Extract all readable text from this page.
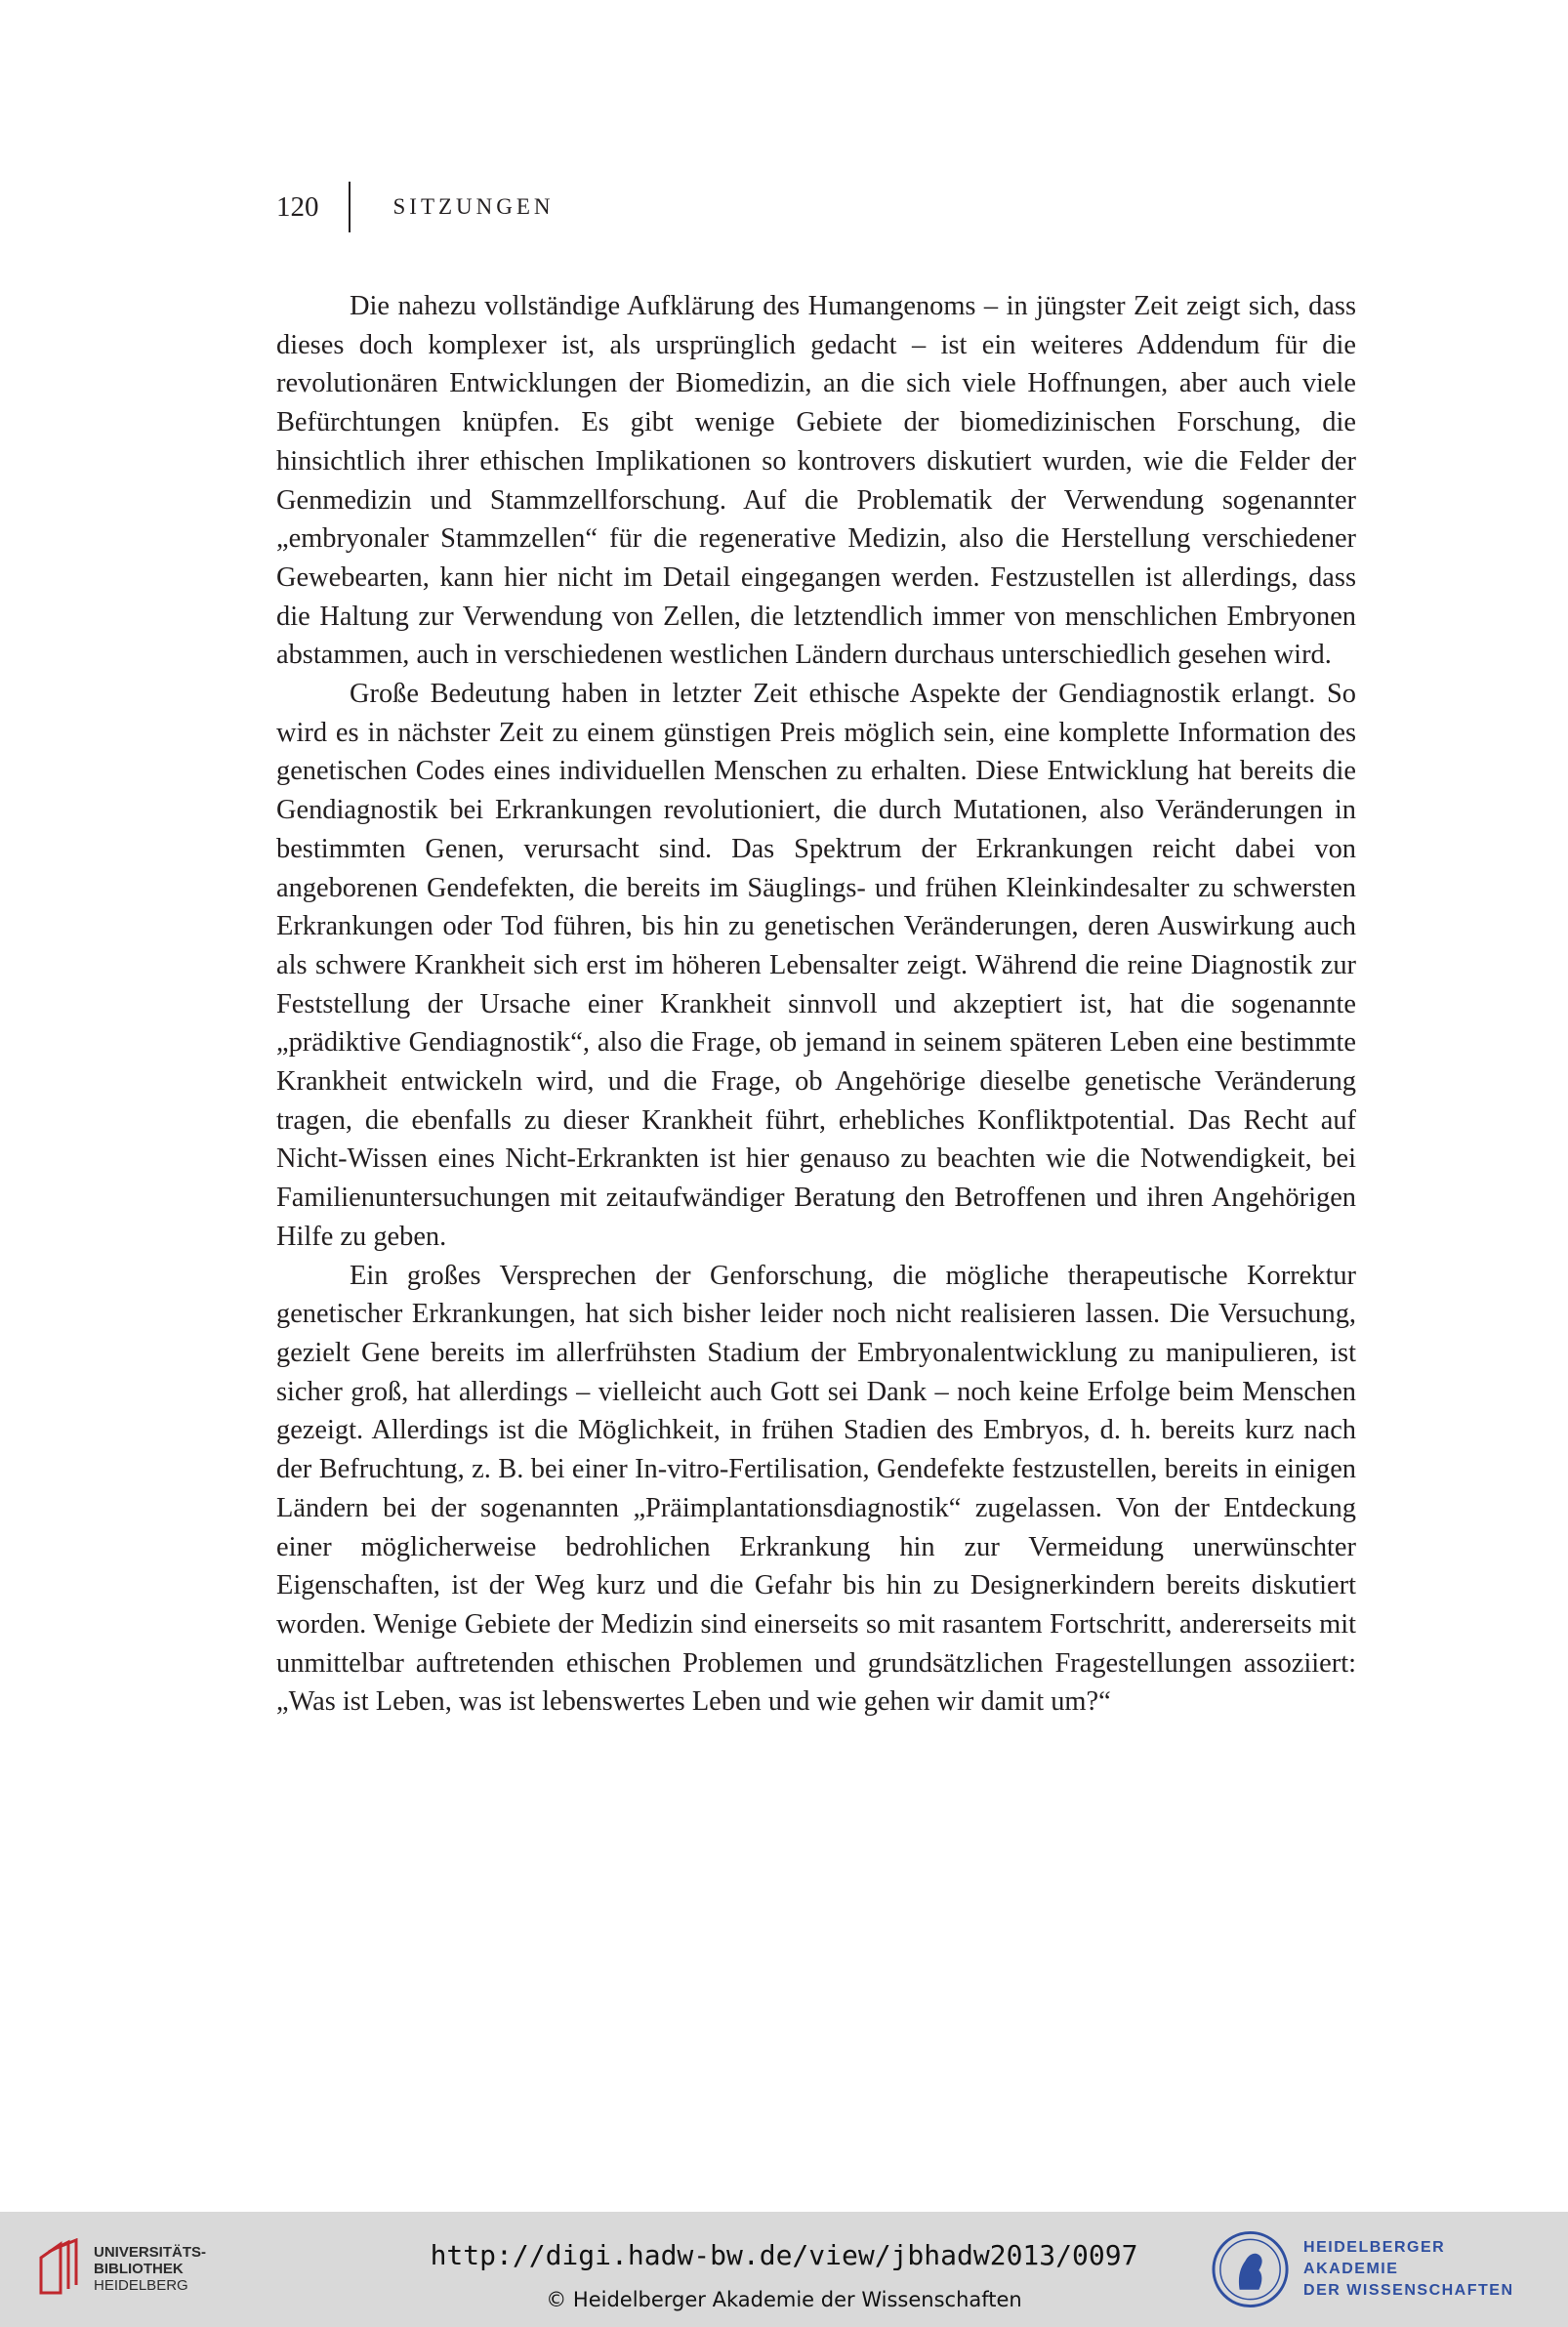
120	SITZUNGEN

Die nahezu vollständige Aufklärung des Humangenoms – in jüngster Zeit zeigt sich, dass dieses doch komplexer ist, als ursprünglich gedacht – ist ein weiteres Addendum für die revolutionären Entwicklungen der Biomedizin, an die sich viele Hoffnungen, aber auch viele Befürchtungen knüpfen. Es gibt wenige Gebiete der biomedizinischen Forschung, die hinsichtlich ihrer ethischen Implikationen so kontrovers diskutiert wurden, wie die Felder der Genmedizin und Stammzellforschung. Auf die Problematik der Verwendung sogenannter „embryonaler Stammzellen“ für die regenerative Medizin, also die Herstellung verschiedener Gewebearten, kann hier nicht im Detail eingegangen werden. Festzustellen ist allerdings, dass die Haltung zur Verwendung von Zellen, die letztendlich immer von menschlichen Embryonen abstammen, auch in verschiedenen westlichen Ländern durchaus unterschiedlich gesehen wird.

Große Bedeutung haben in letzter Zeit ethische Aspekte der Gendiagnostik erlangt. So wird es in nächster Zeit zu einem günstigen Preis möglich sein, eine komplette Information des genetischen Codes eines individuellen Menschen zu erhalten. Diese Entwicklung hat bereits die Gendiagnostik bei Erkrankungen revolutioniert, die durch Mutationen, also Veränderungen in bestimmten Genen, verursacht sind. Das Spektrum der Erkrankungen reicht dabei von angeborenen Gendefekten, die bereits im Säuglings- und frühen Kleinkindesalter zu schwersten Erkrankungen oder Tod führen, bis hin zu genetischen Veränderungen, deren Auswirkung auch als schwere Krankheit sich erst im höheren Lebensalter zeigt. Während die reine Diagnostik zur Feststellung der Ursache einer Krankheit sinnvoll und akzeptiert ist, hat die sogenannte „prädiktive Gendiagnostik“, also die Frage, ob jemand in seinem späteren Leben eine bestimmte Krankheit entwickeln wird, und die Frage, ob Angehörige dieselbe genetische Veränderung tragen, die ebenfalls zu dieser Krankheit führt, erhebliches Konfliktpotential. Das Recht auf Nicht-Wissen eines Nicht-Erkrankten ist hier genauso zu beachten wie die Notwendigkeit, bei Familienuntersuchungen mit zeitaufwändiger Beratung den Betroffenen und ihren Angehörigen Hilfe zu geben.

Ein großes Versprechen der Genforschung, die mögliche therapeutische Korrektur genetischer Erkrankungen, hat sich bisher leider noch nicht realisieren lassen. Die Versuchung, gezielt Gene bereits im allerfrühsten Stadium der Embryonalentwicklung zu manipulieren, ist sicher groß, hat allerdings – vielleicht auch Gott sei Dank – noch keine Erfolge beim Menschen gezeigt. Allerdings ist die Möglichkeit, in frühen Stadien des Embryos, d. h. bereits kurz nach der Befruchtung, z. B. bei einer In-vitro-Fertilisation, Gendefekte festzustellen, bereits in einigen Ländern bei der sogenannten „Präimplantationsdiagnostik“ zugelassen. Von der Entdeckung einer möglicherweise bedrohlichen Erkrankung hin zur Vermeidung unerwünschter Eigenschaften, ist der Weg kurz und die Gefahr bis hin zu Designerkindern bereits diskutiert worden. Wenige Gebiete der Medizin sind einerseits so mit rasantem Fortschritt, andererseits mit unmittelbar auftretenden ethischen Problemen und grundsätzlichen Fragestellungen assoziiert: „Was ist Leben, was ist lebenswertes Leben und wie gehen wir damit um?“

UNIVERSITÄTS-
BIBLIOTHEK
HEIDELBERG
http://digi.hadw-bw.de/view/jbhadw2013/0097
© Heidelberger Akademie der Wissenschaften
HEIDELBERGER AKADEMIE
DER WISSENSCHAFTEN
